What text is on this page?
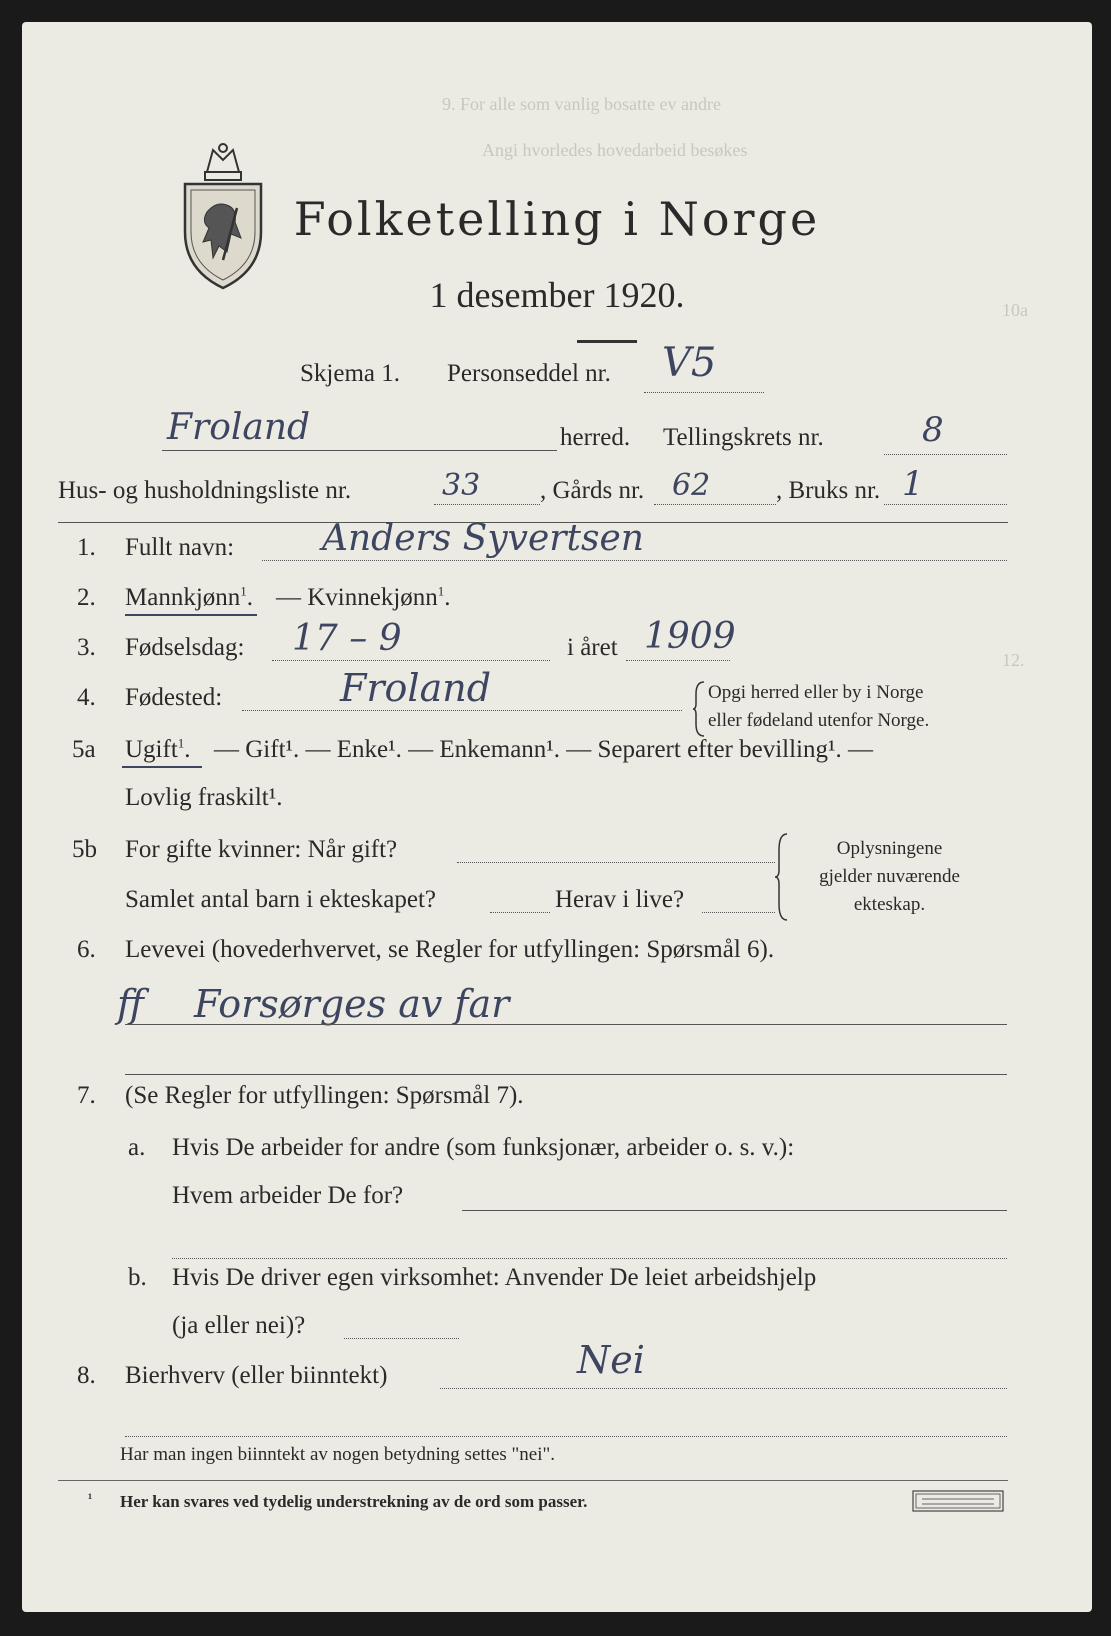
9. For alle som vanlig bosatte ev andre
Angi hvorledes hovedarbeid besøkes
10a
12.
Folketelling i Norge
1 desember 1920.
Skjema 1. Personseddel nr. V5
Froland	herred. Tellingskrets nr.	8
Hus- og husholdningsliste nr.	33 , Gårds nr. 62	, Bruks nr. 1
1. Fullt navn: Anders Syvertsen
2. Mannkjønn$^1$. — Kvinnekjønn$^1$.
3. Fødselsdag: 17 – 9	i året 1909
4. Fødested:	Froland	Opgi herred eller by i Norge
eller fødeland utenfor Norge.
5a Ugift$^1$. — Gift¹. — Enke¹. — Enkemann¹. — Separert efter bevilling¹. —
Lovlig fraskilt¹.
5b For gifte kvinner: Når gift?
Samlet antal barn i ekteskapet?	Herav i live?
Oplysningene
gjelder nuværende
ekteskap.
6. Levevei (hovederhvervet, se Regler for utfyllingen: Spørsmål 6).
ff Forsørges av far
7. (Se Regler for utfyllingen: Spørsmål 7).
a. Hvis De arbeider for andre (som funksjonær, arbeider o. s. v.):
Hvem arbeider De for?
b. Hvis De driver egen virksomhet: Anvender De leiet arbeidshjelp
(ja eller nei)?
8. Bierhverv (eller biinntekt)	Nei
Har man ingen biinntekt av nogen betydning settes "nei".
¹ Her kan svares ved tydelig understrekning av de ord som passer.
